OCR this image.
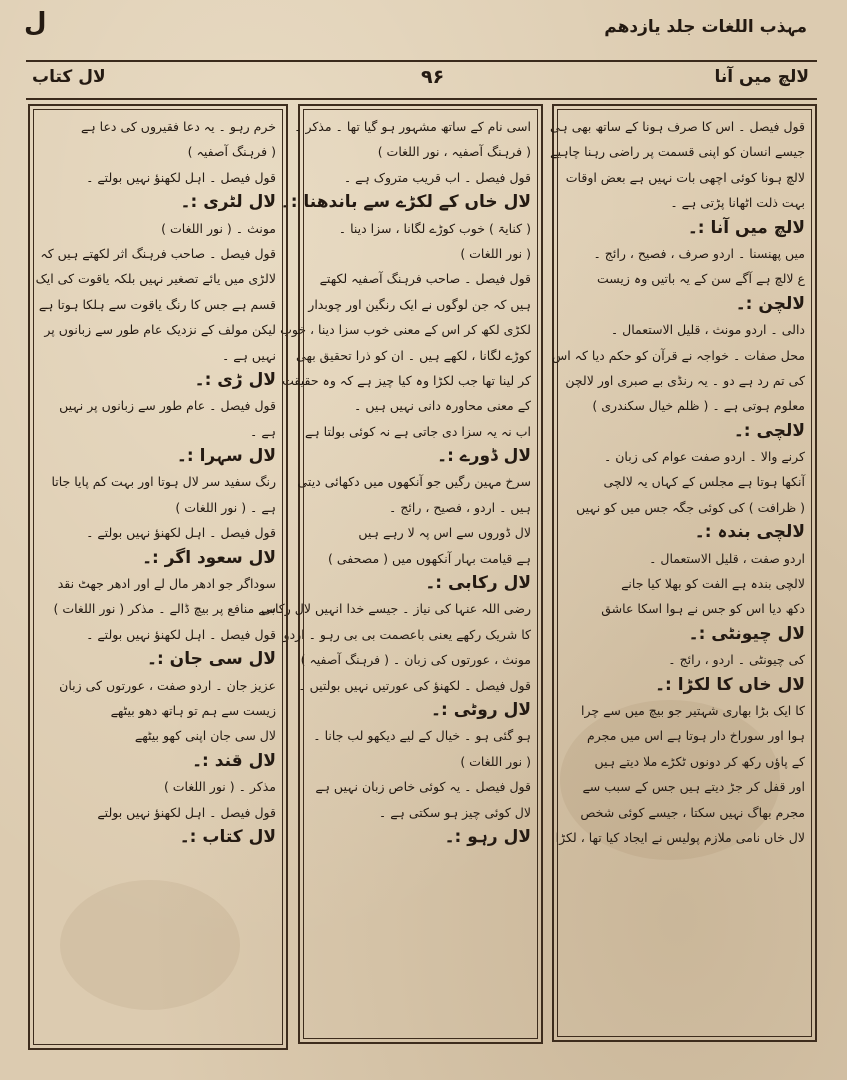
مہذب اللغات جلد یازدھم
ل
لال کتاب	۹۶	لالچ میں آنا
قول فیصل ۔ اس کا صرف ہونا کے ساتھ بھی ہی
جیسے انسان کو اپنی قسمت پر راضی رہنا چاہیے
لالچ ہونا کوئی اچھی بات نہیں ہے بعض اوقات
بہت ذلت اٹھانا پڑتی ہے ۔
لالچ میں آنا :۔
میں پھنسنا ۔ اردو صرف ، فصیح ، رائج ۔
ع لالچ ہے آگے سن کے یہ باتیں وہ زیست
لالچن :۔
دالی ۔ اردو مونث ، قلیل الاستعمال ۔
محل صفات ۔ خواجہ نے قرآن کو حکم دیا کہ اس
کی تم رد ہے دو ۔ یہ رنڈی بے صبری اور لالچن
معلوم ہوتی ہے ۔ ( ظلم خیال سکندری )
لالچی :۔
کرنے والا ۔ اردو صفت عوام کی زبان ۔
آنکھا ہوتا ہے مجلس کے کہاں یہ لالچی
( ظرافت ) کی کوئی جگہ جس میں کو نہیں
لالچی بندہ :۔
اردو صفت ، قلیل الاستعمال ۔
لالچی بندہ ہے الفت کو بھلا کیا جانے
دکھ دیا اس کو جس نے ہوا اسکا عاشق
لال چیونٹی :۔
کی چیونٹی ۔ اردو ، رائج ۔
لال خاں کا لکڑا :۔
کا ایک بڑا بھاری شہتیر جو بیچ میں سے چرا
ہوا اور سوراخ دار ہوتا ہے اس میں مجرم
کے پاؤں رکھ کر دونوں ٹکڑے ملا دیتے ہیں
اور قفل کر جڑ دیتے ہیں جس کے سبب سے
مجرم بھاگ نہیں سکتا ، جیسے کوئی شخص
لال خاں نامی ملازم پولیس نے ایجاد کیا تھا ، لکڑا
اسی نام کے ساتھ مشہور ہو گیا تھا ۔ مذکر ۔
( فرہنگ آصفیہ ، نور اللغات )
قول فیصل ۔ اب قریب متروک ہے ۔
لال خاں کے لکڑے سے باندھنا :۔
( کنایۃ ) خوب کوڑے لگانا ، سزا دینا ۔
( نور اللغات )
قول فیصل ۔ صاحب فرہنگ آصفیہ لکھتے
ہیں کہ جن لوگوں نے ایک رنگین اور چوبدار
لکڑی لکھ کر اس کے معنی خوب سزا دینا ، خوب
کوڑے لگانا ، لکھے ہیں ۔ ان کو ذرا تحقیق بھی
کر لینا تھا جب لکڑا وہ کیا چیز ہے کہ وہ حقیقت
کے معنی محاورہ دانی نہیں ہیں ۔
اب نہ یہ سزا دی جاتی ہے نہ کوئی بولتا ہے
لال ڈورے :۔
سرخ مہین رگیں جو آنکھوں میں دکھائی دیتی
ہیں ۔ اردو ، فصیح ، رائج ۔
لال ڈوروں سے اس پہ لا رہے ہیں
ہے قیامت بہار آنکھوں میں ( مصحفی )
لال رکابی :۔
رضی اللہ عنہا کی نیاز ۔ جیسے خدا انہیں لال رکابی
کا شریک رکھے یعنی باعصمت بی بی رہو ۔ اردو
مونث ، عورتوں کی زبان ۔ ( فرہنگ آصفیہ )
قول فیصل ۔ لکھنؤ کی عورتیں نہیں بولتیں ۔
لال روٹی :۔
ہو گئی ہو ۔ خیال کے لیے دیکھو لب جانا ۔
( نور اللغات )
قول فیصل ۔ یہ کوئی خاص زبان نہیں ہے
لال کوئی چیز ہو سکتی ہے ۔
لال رہو :۔
خرم رہو ۔ یہ دعا فقیروں کی دعا ہے
( فرہنگ آصفیہ )
قول فیصل ۔ اہل لکھنؤ نہیں بولتے ۔
لال لٹری :۔
مونث ۔ ( نور اللغات )
قول فیصل ۔ صاحب فرہنگ اثر لکھتے ہیں کہ
لالڑی میں یائے تصغیر نہیں بلکہ یاقوت کی ایک
قسم ہے جس کا رنگ یاقوت سے ہلکا ہوتا ہے
لیکن مولف کے نزدیک عام طور سے زبانوں پر
نہیں ہے ۔
لال ڑی :۔
قول فیصل ۔ عام طور سے زبانوں پر نہیں
ہے ۔
لال سہرا :۔
رنگ سفید سر لال ہوتا اور بہت کم پایا جاتا
ہے ۔ ( نور اللغات )
قول فیصل ۔ اہل لکھنؤ نہیں بولتے ۔
لال سعود اگر :۔
سوداگر جو ادھر مال لے اور ادھر جھٹ نقد
سے منافع پر بیچ ڈالے ۔ مذکر ( نور اللغات )
قول فیصل ۔ اہل لکھنؤ نہیں بولتے ۔
لال سی جان :۔
عزیز جان ۔ اردو صفت ، عورتوں کی زبان
زیست سے ہم تو ہاتھ دھو بیٹھے
لال سی جان اپنی کھو بیٹھے
لال قند :۔
مذکر ۔ ( نور اللغات )
قول فیصل ۔ اہل لکھنؤ نہیں بولتے
لال کتاب :۔
